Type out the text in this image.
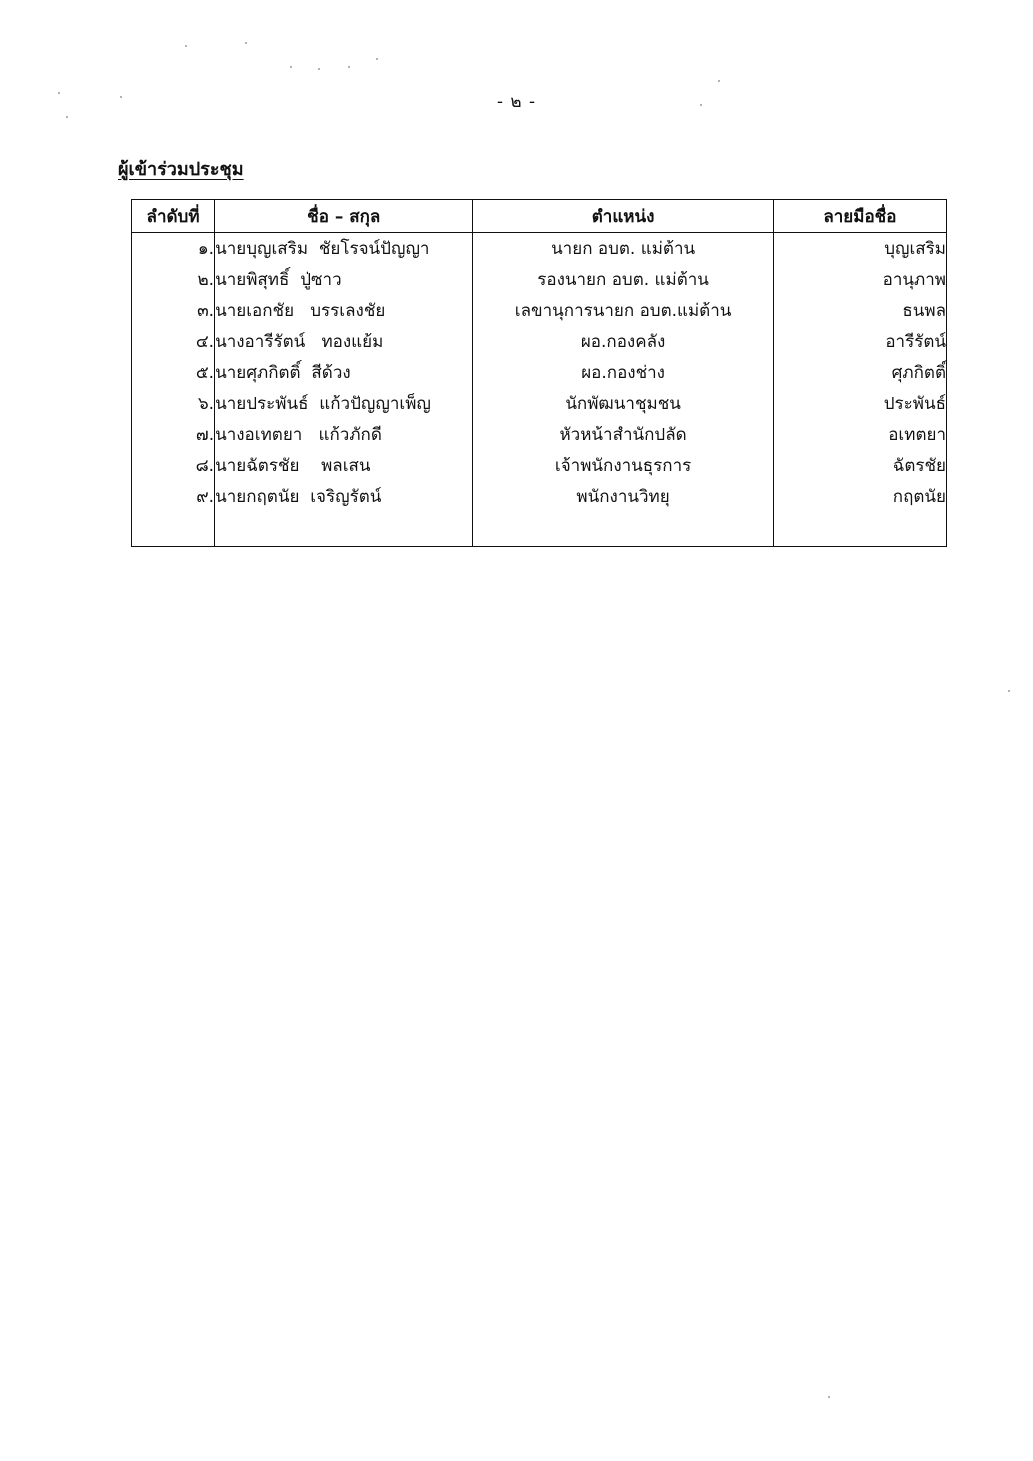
- ๒ -
ผู้เข้าร่วมประชุม
ลำดับที่	ชื่อ – สกุล	ตำแหน่ง	ลายมือชื่อ
๑.	นายบุญเสริม  ชัยโรจน์ปัญญา	นายก อบต. แม่ต้าน	บุญเสริม
๒.	นายพิสุทธิ์  ปู่ซาว	รองนายก อบต. แม่ต้าน	อานุภาพ
๓.	นายเอกชัย   บรรเลงชัย	เลขานุการนายก อบต.แม่ต้าน	ธนพล
๔.	นางอารีรัตน์   ทองแย้ม	ผอ.กองคลัง	อารีรัตน์
๕.	นายศุภกิตติ์  สีด้วง	ผอ.กองช่าง	ศุภกิตติ์
๖.	นายประพันธ์  แก้วปัญญาเพ็ญ	นักพัฒนาชุมชน	ประพันธ์
๗.	นางอเทตยา   แก้วภักดี	หัวหน้าสำนักปลัด	อเทตยา
๘.	นายฉัตรชัย    พลเสน	เจ้าพนักงานธุรการ	ฉัตรชัย
๙.	นายกฤตนัย  เจริญรัตน์	พนักงานวิทยุ	กฤตนัย
